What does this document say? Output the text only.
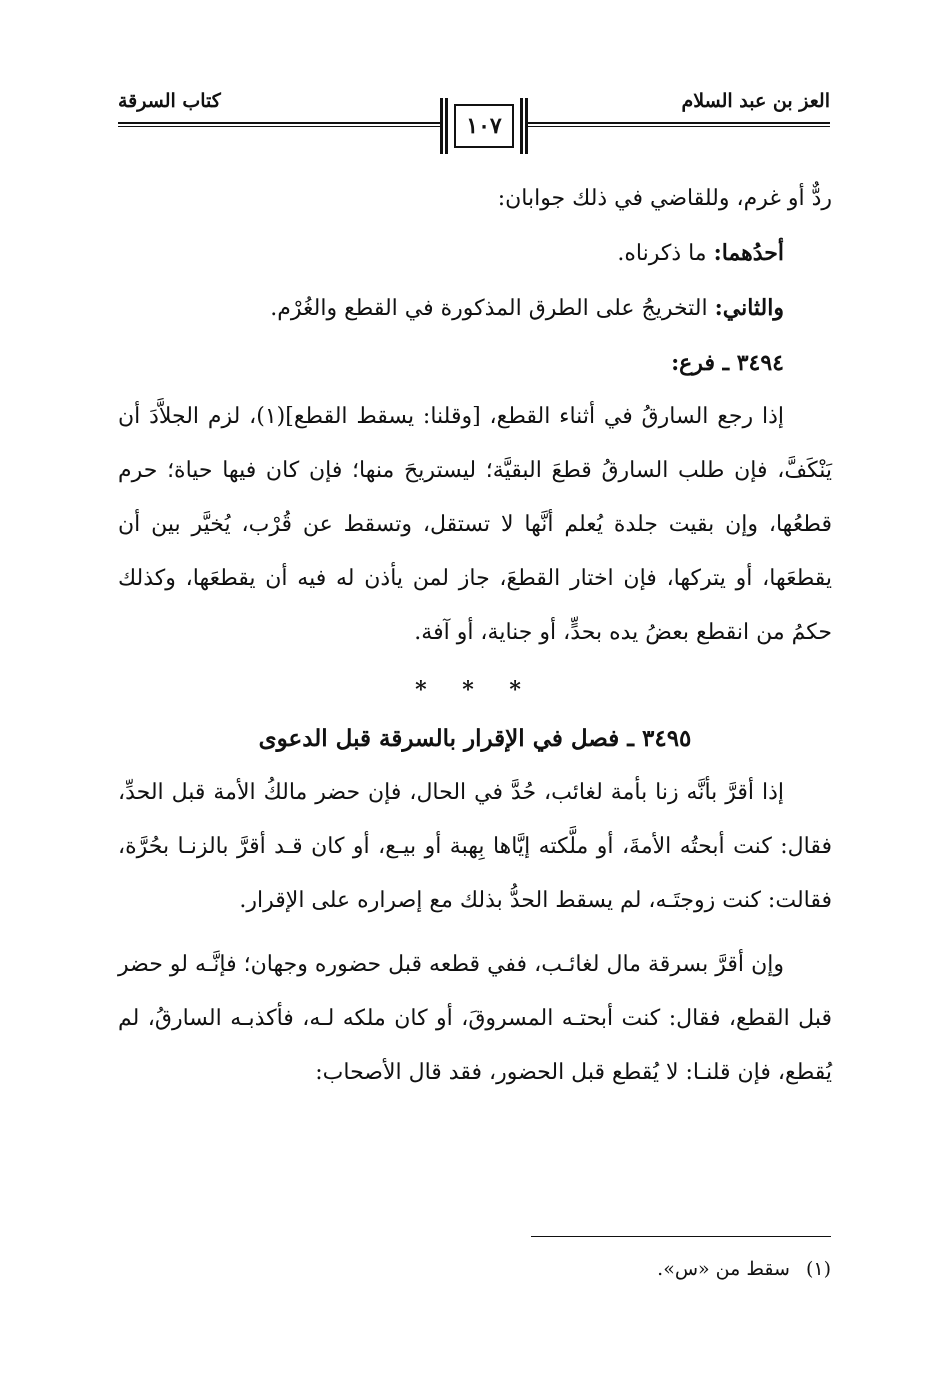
العز بن عبد السلام
كتاب السرقة
١٠٧

ردٌّ أو غرم، وللقاضي في ذلك جوابان:

أحدُهما: ما ذكرناه.

والثاني: التخريجُ على الطرق المذكورة في القطع والغُرْم.

٣٤٩٤ ـ فرع:

إذا رجع السارقُ في أثناء القطع، [وقلنا: يسقط القطع](١)، لزم الجلاَّدَ أن يَنْكَفَّ، فإن طلب السارقُ قطعَ البقيَّة؛ ليستريحَ منها؛ فإن كان فيها حياة؛ حرم قطعُها، وإن بقيت جلدة يُعلم أنَّها لا تستقل، وتسقط عن قُرْب، يُخيَّر بين أن يقطعَها، أو يتركها، فإن اختار القطعَ، جاز لمن يأذن له فيه أن يقطعَها، وكذلك حكمُ من انقطع بعضُ يده بحدٍّ، أو جناية، أو آفة.

* * *

٣٤٩٥ ـ فصل في الإقرار بالسرقة قبل الدعوى

إذا أقرَّ بأنَّه زنا بأمة لغائب، حُدَّ في الحال، فإن حضر مالكُ الأمة قبل الحدِّ، فقال: كنت أبحتُه الأمةَ، أو ملَّكته إيَّاها بِهبة أو بيـع، أو كان قـد أقرَّ بالزنـا بحُرَّة، فقالت: كنت زوجتَـه، لم يسقط الحدُّ بذلك مع إصراره على الإقرار.

وإن أقرَّ بسرقة مال لغائـب، ففي قطعه قبل حضوره وجهان؛ فإنَّـه لو حضر قبل القطع، فقال: كنت أبحتـه المسروقَ، أو كان ملكه لـه، فأكذبـه السارقُ، لم يُقطع، فإن قلنـا: لا يُقطع قبل الحضور، فقد قال الأصحاب:

(١)سقط من «س».
